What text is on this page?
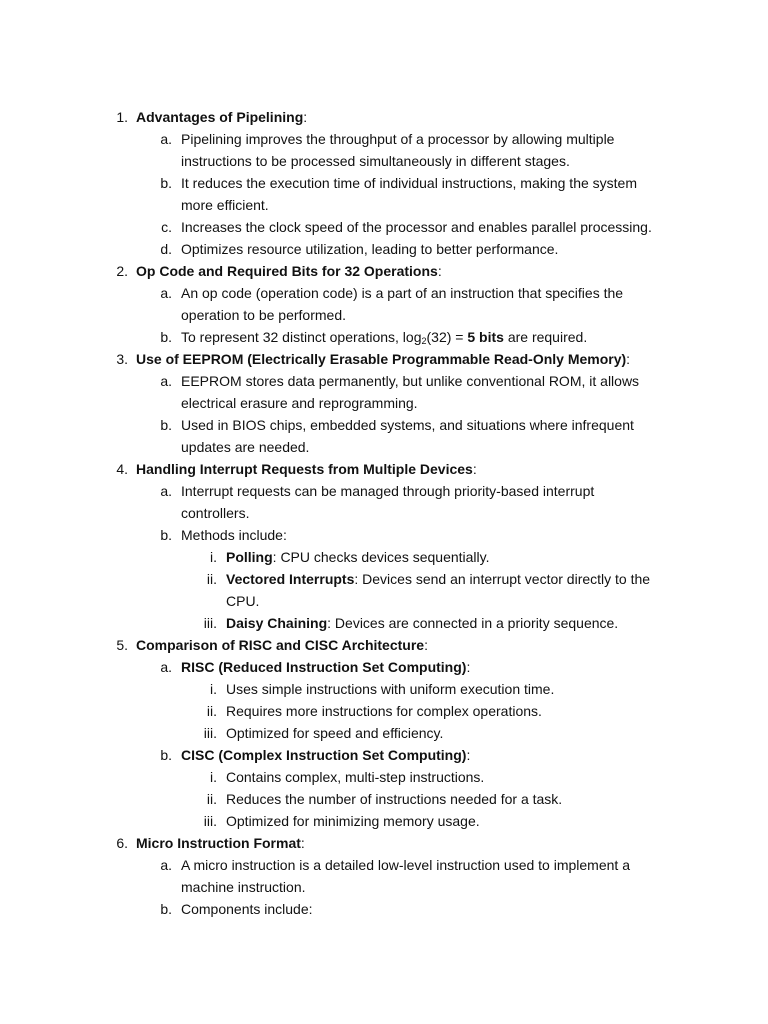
1. Advantages of Pipelining:
a. Pipelining improves the throughput of a processor by allowing multiple
instructions to be processed simultaneously in different stages.
b. It reduces the execution time of individual instructions, making the system
more efficient.
c. Increases the clock speed of the processor and enables parallel processing.
d. Optimizes resource utilization, leading to better performance.
2. Op Code and Required Bits for 32 Operations:
a. An op code (operation code) is a part of an instruction that specifies the
operation to be performed.
b. To represent 32 distinct operations, $\log_2(32) = 5$ bits are required.
3. Use of EEPROM (Electrically Erasable Programmable Read-Only Memory):
a. EEPROM stores data permanently, but unlike conventional ROM, it allows
electrical erasure and reprogramming.
b. Used in BIOS chips, embedded systems, and situations where infrequent
updates are needed.
4. Handling Interrupt Requests from Multiple Devices:
a. Interrupt requests can be managed through priority-based interrupt
controllers.
b. Methods include:
i. Polling: CPU checks devices sequentially.
ii. Vectored Interrupts: Devices send an interrupt vector directly to the
CPU.
iii. Daisy Chaining: Devices are connected in a priority sequence.
5. Comparison of RISC and CISC Architecture:
a. RISC (Reduced Instruction Set Computing):
i. Uses simple instructions with uniform execution time.
ii. Requires more instructions for complex operations.
iii. Optimized for speed and efficiency.
b. CISC (Complex Instruction Set Computing):
i. Contains complex, multi-step instructions.
ii. Reduces the number of instructions needed for a task.
iii. Optimized for minimizing memory usage.
6. Micro Instruction Format:
a. A micro instruction is a detailed low-level instruction used to implement a
machine instruction.
b. Components include:
